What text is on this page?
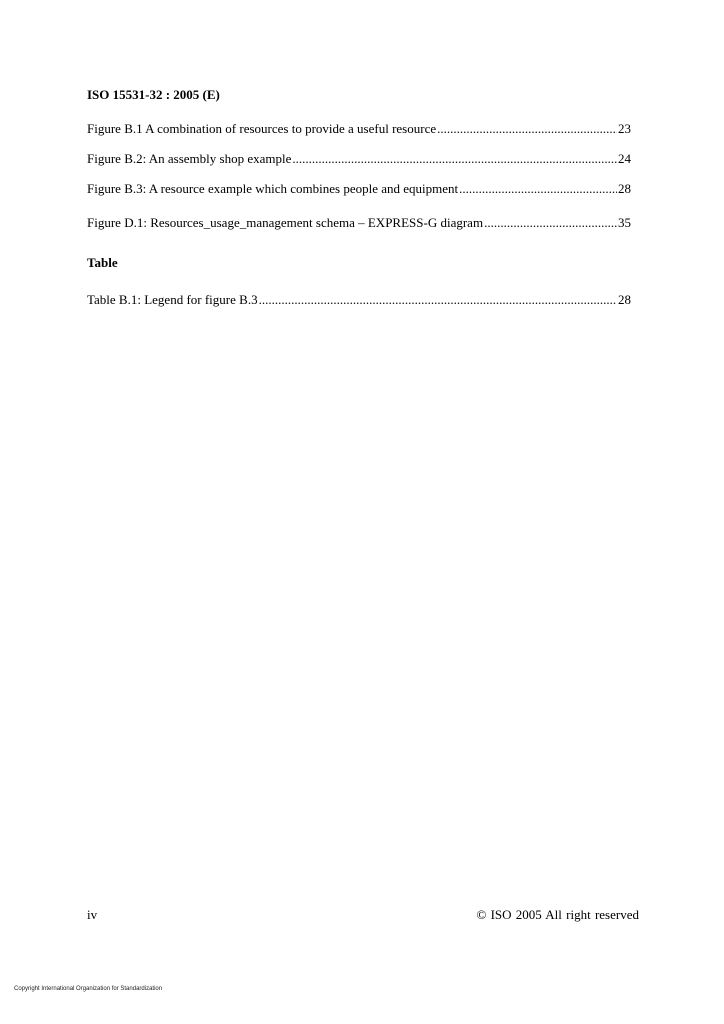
ISO 15531-32 : 2005 (E)
Figure B.1 A combination of resources to provide a useful resource .....	23
Figure B.2: An assembly shop example .....	24
Figure B.3: A resource example which combines people and equipment .....	28
Figure D.1: Resources_usage_management schema – EXPRESS-G diagram .....	35
Table
Table B.1: Legend for figure B.3 .....	28
iv	© ISO 2005 All right reserved
Copyright International Organization for Standardization
